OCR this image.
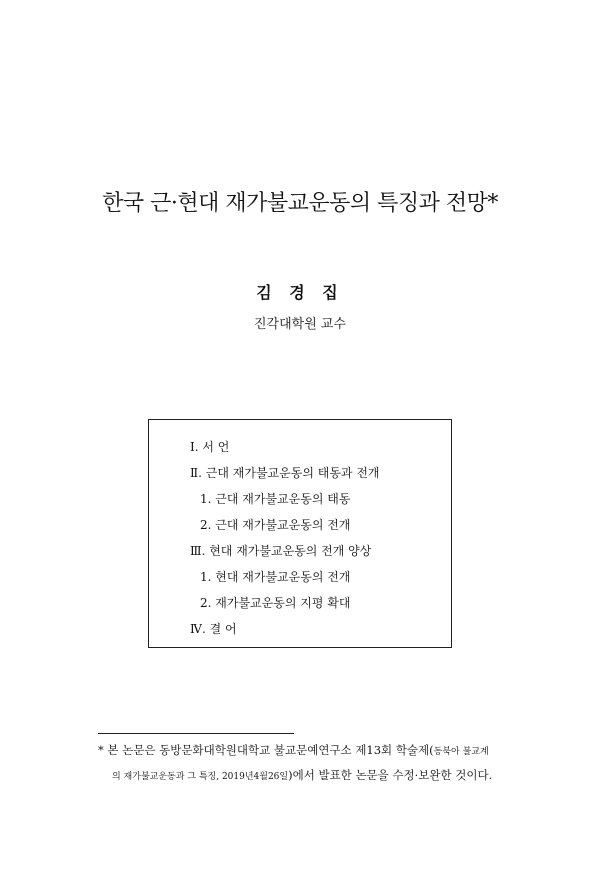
한국 근·현대 재가불교운동의 특징과 전망*
김 경 집
진각대학원 교수
Ⅰ. 서 언
Ⅱ. 근대 재가불교운동의 태동과 전개
1. 근대 재가불교운동의 태동
2. 근대 재가불교운동의 전개
Ⅲ. 현대 재가불교운동의 전개 양상
1. 현대 재가불교운동의 전개
2. 재가불교운동의 지평 확대
Ⅳ. 결 어
* 본 논문은 동방문화대학원대학교 불교문예연구소 제13회 학술제(동북아 불교계
의 재가불교운동과 그 특징, 2019년4월26일)에서 발표한 논문을 수정·보완한 것이다.
